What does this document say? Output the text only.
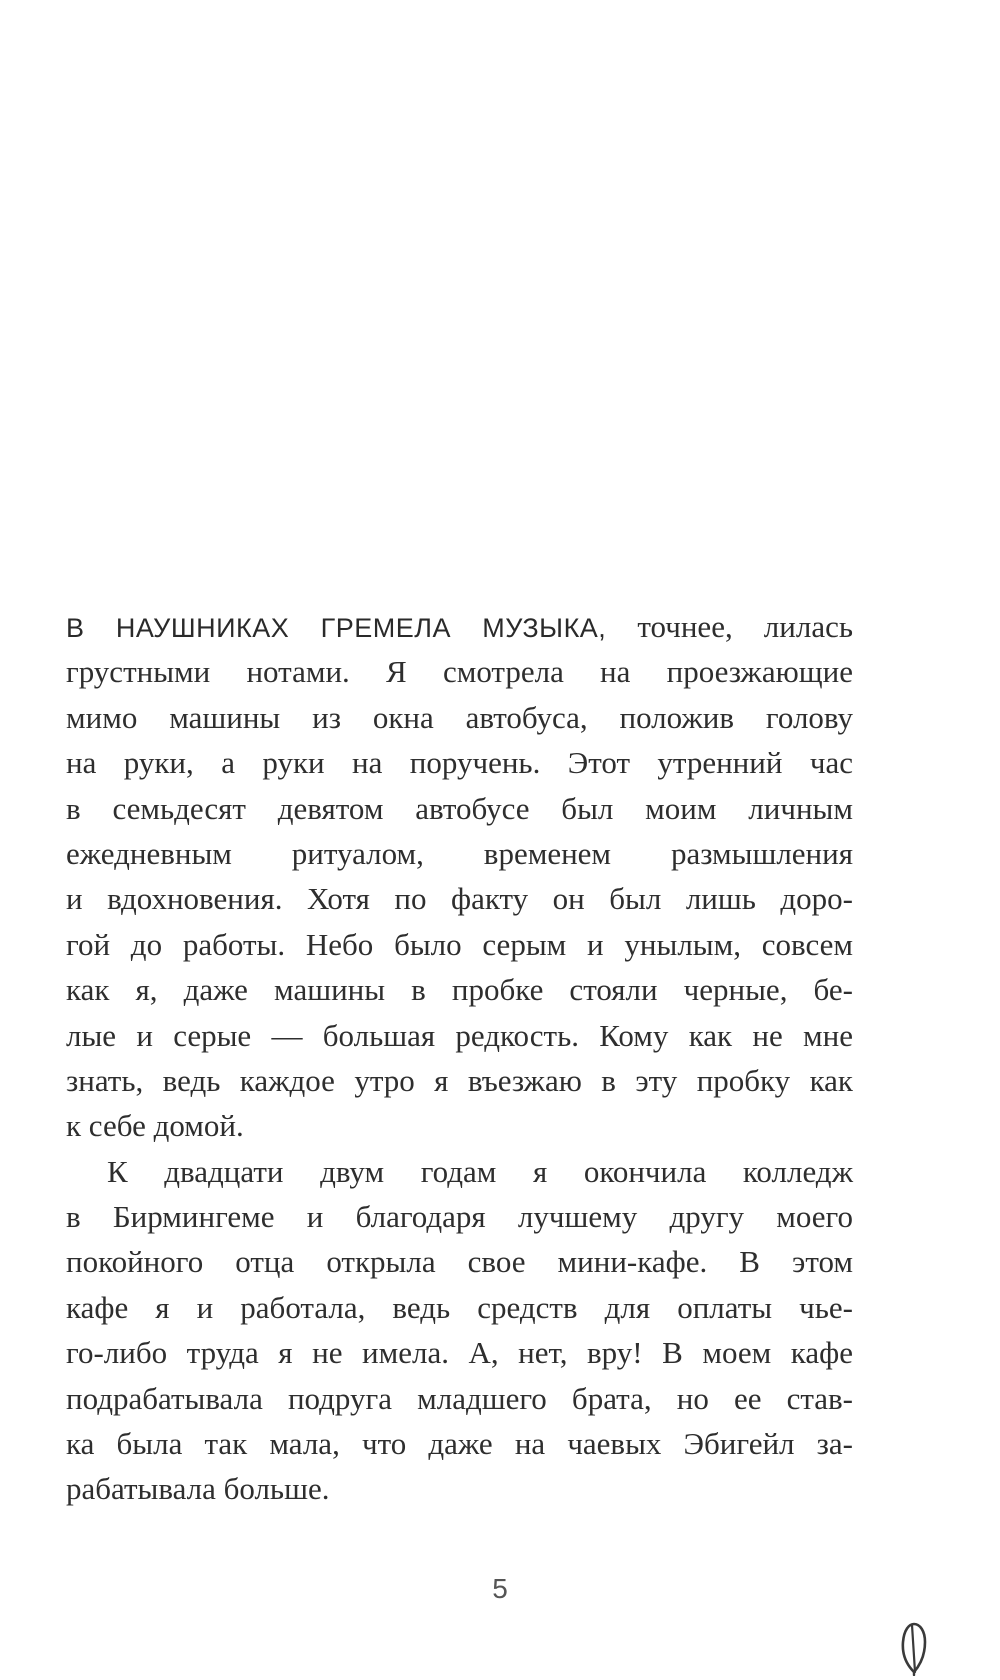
В НАУШНИКАХ ГРЕМЕЛА МУЗЫКА, точнее, лилась
грустными нотами. Я смотрела на проезжающие
мимо машины из окна автобуса, положив голову
на руки, а руки на поручень. Этот утренний час
в семьдесят девятом автобусе был моим личным
ежедневным ритуалом, временем размышления
и вдохновения. Хотя по факту он был лишь доро-
гой до работы. Небо было серым и унылым, совсем
как я, даже машины в пробке стояли черные, бе-
лые и серые — большая редкость. Кому как не мне
знать, ведь каждое утро я въезжаю в эту пробку как
к себе домой.
К двадцати двум годам я окончила колледж
в Бирмингеме и благодаря лучшему другу моего
покойного отца открыла свое мини-кафе. В этом
кафе я и работала, ведь средств для оплаты чье-
го-либо труда я не имела. А, нет, вру! В моем кафе
подрабатывала подруга младшего брата, но ее став-
ка была так мала, что даже на чаевых Эбигейл за-
рабатывала больше.
5
